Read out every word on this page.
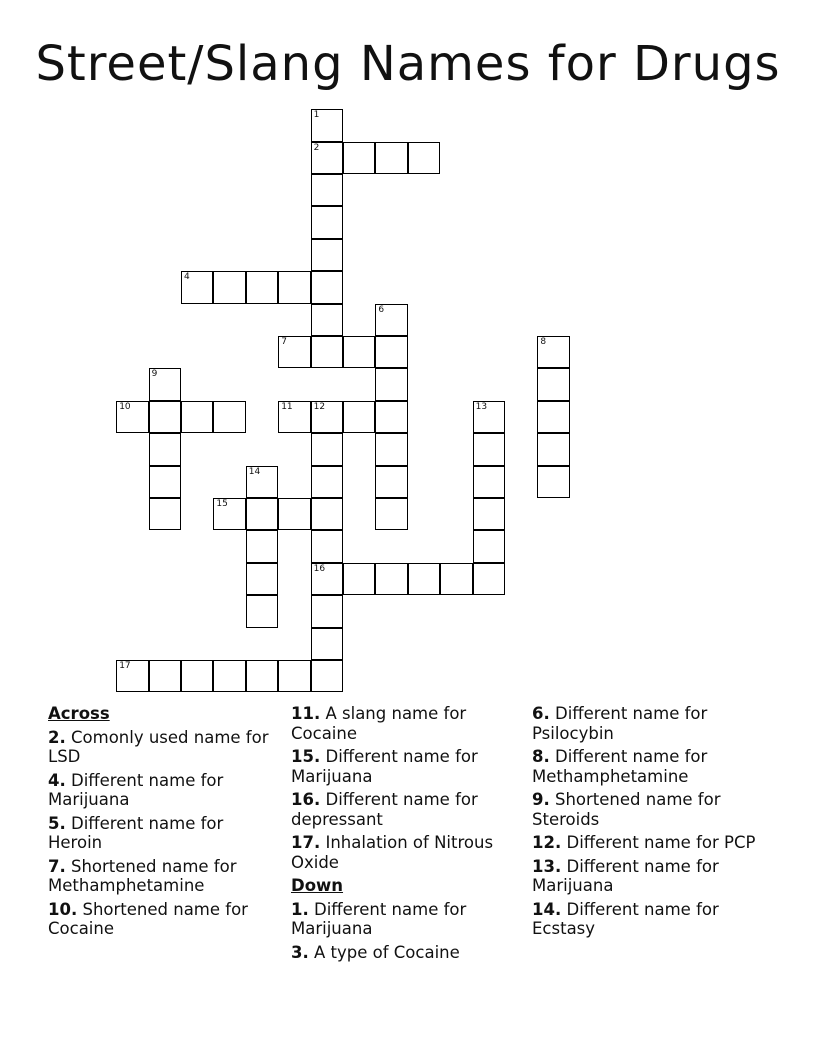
Street/Slang Names for Drugs
1
2
4
6
7	8
9
10	11 12
16
13
14
15
17
Across
2. Comonly used name for LSD
4. Different name for Marijuana
5. Different name for Heroin
7. Shortened name for Methamphetamine
10. Shortened name for Cocaine
11. A slang name for Cocaine
15. Different name for Marijuana
16. Different name for depressant
17. Inhalation of Nitrous Oxide
Down
1. Different name for Marijuana
3. A type of Cocaine
6. Different name for Psilocybin
8. Different name for Methamphetamine
9. Shortened name for Steroids
12. Different name for PCP
13. Different name for Marijuana
14. Different name for Ecstasy
